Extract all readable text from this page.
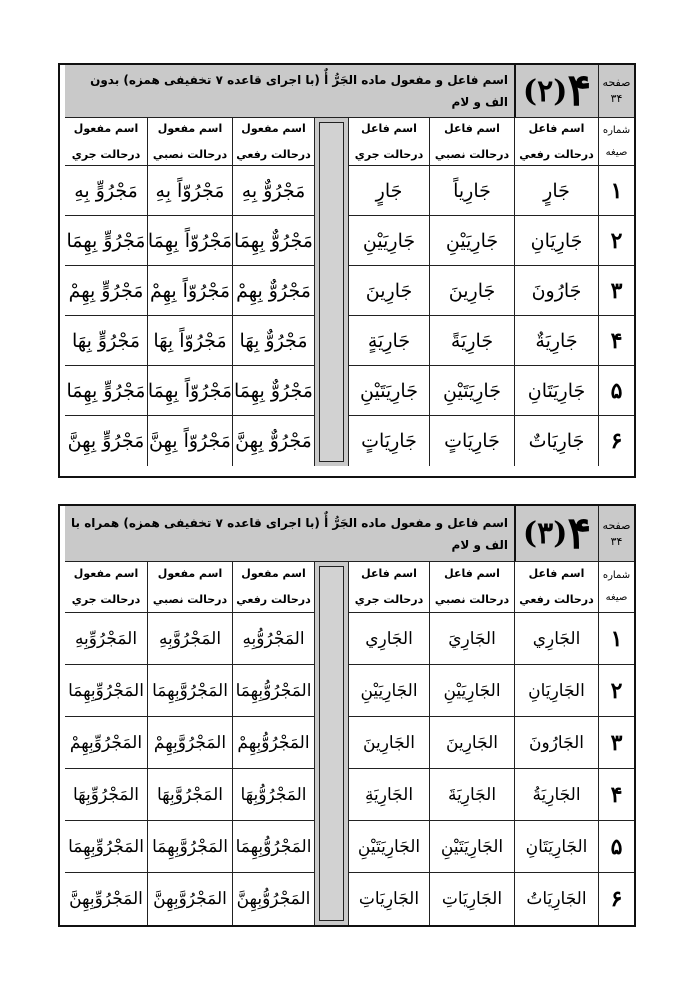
صفحه
۳۴
۴
(۲)
اسم فاعل و مفعول ماده الجَرُّ أٌ (با اجرای قاعده ۷ تخفیفی همزه) بدون الف و لام
شماره
صیغه
اسم فاعل
درحالت رفعي
اسم فاعل
درحالت نصبي
اسم فاعل
درحالت جري
اسم مفعول
درحالت رفعي
اسم مفعول
درحالت نصبي
اسم مفعول
درحالت جري
۱
جَارٍ
جَارِياً
جَارٍ
مَجْرُوٌّ بِهِ
مَجْرُوّاً بِهِ
مَجْرُوٍّ بِهِ
۲
جَارِيَانِ
جَارِيَيْنِ
جَارِيَيْنِ
مَجْرُوٌّ بِهِمَا
مَجْرُوّاً بِهِمَا
مَجْرُوٍّ بِهِمَا
۳
جَارُونَ
جَارِينَ
جَارِينَ
مَجْرُوٌّ بِهِمْ
مَجْرُوّاً بِهِمْ
مَجْرُوٍّ بِهِمْ
۴
جَارِيَةٌ
جَارِيَةً
جَارِيَةٍ
مَجْرُوٌّ بِهَا
مَجْرُوّاً بِهَا
مَجْرُوٍّ بِهَا
۵
جَارِيَتَانِ
جَارِيَتَيْنِ
جَارِيَتَيْنِ
مَجْرُوٌّ بِهِمَا
مَجْرُوّاً بِهِمَا
مَجْرُوٍّ بِهِمَا
۶
جَارِيَاتٌ
جَارِيَاتٍ
جَارِيَاتٍ
مَجْرُوٌّ بِهِنَّ
مَجْرُوّاً بِهِنَّ
مَجْرُوٍّ بِهِنَّ
صفحه
۳۴
۴
(۳)
اسم فاعل و مفعول ماده الجَرُّ أٌ (با اجرای قاعده ۷ تخفیفی همزه) همراه با الف و لام
شماره
صیغه
اسم فاعل
درحالت رفعي
اسم فاعل
درحالت نصبي
اسم فاعل
درحالت جري
اسم مفعول
درحالت رفعي
اسم مفعول
درحالت نصبي
اسم مفعول
درحالت جري
۱
الجَارِي
الجَارِيَ
الجَارِي
المَجْرُوُّبِهِ
المَجْرُوَّبِهِ
المَجْرُوِّبِهِ
۲
الجَارِيَانِ
الجَارِيَيْنِ
الجَارِيَيْنِ
المَجْرُوُّبِهِمَا
المَجْرُوَّبِهِمَا
المَجْرُوِّبِهِمَا
۳
الجَارُونَ
الجَارِينَ
الجَارِينَ
المَجْرُوُّبِهِمْ
المَجْرُوَّبِهِمْ
المَجْرُوِّبِهِمْ
۴
الجَارِيَةُ
الجَارِيَةَ
الجَارِيَةِ
المَجْرُوُّبِهَا
المَجْرُوَّبِهَا
المَجْرُوِّبِهَا
۵
الجَارِيَتَانِ
الجَارِيَتَيْنِ
الجَارِيَتَيْنِ
المَجْرُوُّبِهِمَا
المَجْرُوَّبِهِمَا
المَجْرُوِّبِهِمَا
۶
الجَارِيَاتُ
الجَارِيَاتِ
الجَارِيَاتِ
المَجْرُوُّبِهِنَّ
المَجْرُوَّبِهِنَّ
المَجْرُوِّبِهِنَّ
